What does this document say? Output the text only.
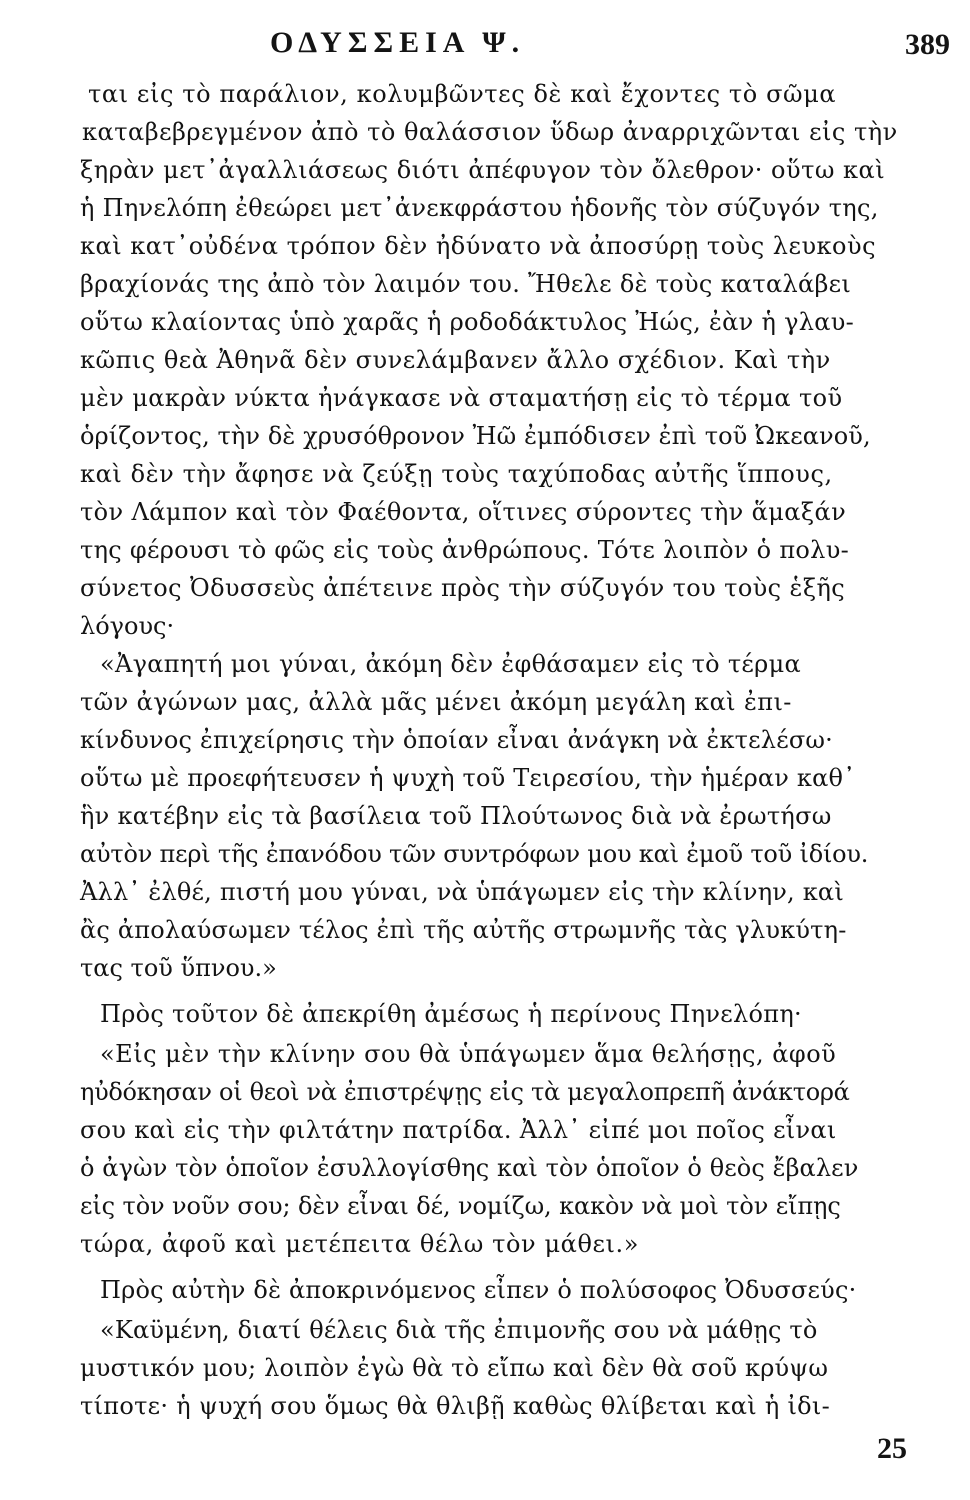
ΟΔΥΣΣΕΙΑ Ψ.	389
ται εἰς τὸ παράλιον, κολυμβῶντες δὲ καὶ ἔχοντες τὸ σῶμα
καταβεβρεγμένον ἀπὸ τὸ θαλάσσιον ὕδωρ ἀναρριχῶνται εἰς τὴν
ξηρὰν μετ᾽ἀγαλλιάσεως διότι ἀπέφυγον τὸν ὄλεθρον· οὕτω καὶ
ἡ Πηνελόπη ἐθεώρει μετ᾽ἀνεκφράστου ἡδονῆς τὸν σύζυγόν της,
καὶ κατ᾽οὐδένα τρόπον δὲν ἠδύνατο νὰ ἀποσύρῃ τοὺς λευκοὺς
βραχίονάς της ἀπὸ τὸν λαιμόν του. Ἤθελε δὲ τοὺς καταλάβει
οὕτω κλαίοντας ὑπὸ χαρᾶς ἡ ροδοδάκτυλος Ἠώς, ἐὰν ἡ γλαυ-
κῶπις θεὰ Ἀθηνᾶ δὲν συνελάμβανεν ἄλλο σχέδιον. Καὶ τὴν
μὲν μακρὰν νύκτα ἠνάγκασε νὰ σταματήσῃ εἰς τὸ τέρμα τοῦ
ὁρίζοντος, τὴν δὲ χρυσόθρονον Ἠῶ ἐμπόδισεν ἐπὶ τοῦ Ὠκεανοῦ,
καὶ δὲν τὴν ἄφησε νὰ ζεύξῃ τοὺς ταχύποδας αὐτῆς ἵππους,
τὸν Λάμπον καὶ τὸν Φαέθοντα, οἵτινες σύροντες τὴν ἅμαξάν
της φέρουσι τὸ φῶς εἰς τοὺς ἀνθρώπους. Τότε λοιπὸν ὁ πολυ-
σύνετος Ὀδυσσεὺς ἀπέτεινε πρὸς τὴν σύζυγόν του τοὺς ἑξῆς
λόγους·
«Ἀγαπητή μοι γύναι, ἀκόμη δὲν ἐφθάσαμεν εἰς τὸ τέρμα
τῶν ἀγώνων μας, ἀλλὰ μᾶς μένει ἀκόμη μεγάλη καὶ ἐπι-
κίνδυνος ἐπιχείρησις τὴν ὁποίαν εἶναι ἀνάγκη νὰ ἐκτελέσω·
οὕτω μὲ προεφήτευσεν ἡ ψυχὴ τοῦ Τειρεσίου, τὴν ἡμέραν καθ᾽
ἣν κατέβην εἰς τὰ βασίλεια τοῦ Πλούτωνος διὰ νὰ ἐρωτήσω
αὐτὸν περὶ τῆς ἐπανόδου τῶν συντρόφων μου καὶ ἐμοῦ τοῦ ἰδίου.
Ἀλλ᾽ ἐλθέ, πιστή μου γύναι, νὰ ὑπάγωμεν εἰς τὴν κλίνην, καὶ
ἂς ἀπολαύσωμεν τέλος ἐπὶ τῆς αὐτῆς στρωμνῆς τὰς γλυκύτη-
τας τοῦ ὕπνου.»
Πρὸς τοῦτον δὲ ἀπεκρίθη ἀμέσως ἡ περίνους Πηνελόπη·
«Εἰς μὲν τὴν κλίνην σου θὰ ὑπάγωμεν ἅμα θελήσῃς, ἀφοῦ
ηὐδόκησαν οἱ θεοὶ νὰ ἐπιστρέψῃς εἰς τὰ μεγαλοπρεπῆ ἀνάκτορά
σου καὶ εἰς τὴν φιλτάτην πατρίδα. Ἀλλ᾽ εἰπέ μοι ποῖος εἶναι
ὁ ἀγὼν τὸν ὁποῖον ἐσυλλογίσθης καὶ τὸν ὁποῖον ὁ θεὸς ἔβαλεν
εἰς τὸν νοῦν σου; δὲν εἶναι δέ, νομίζω, κακὸν νὰ μοὶ τὸν εἴπῃς
τώρα, ἀφοῦ καὶ μετέπειτα θέλω τὸν μάθει.»
Πρὸς αὐτὴν δὲ ἀποκρινόμενος εἶπεν ὁ πολύσοφος Ὀδυσσεύς·
«Καϋμένη, διατί θέλεις διὰ τῆς ἐπιμονῆς σου νὰ μάθῃς τὸ
μυστικόν μου; λοιπὸν ἐγὼ θὰ τὸ εἴπω καὶ δὲν θὰ σοῦ κρύψω
τίποτε· ἡ ψυχή σου ὅμως θὰ θλιβῇ καθὼς θλίβεται καὶ ἡ ἰδι-
25
